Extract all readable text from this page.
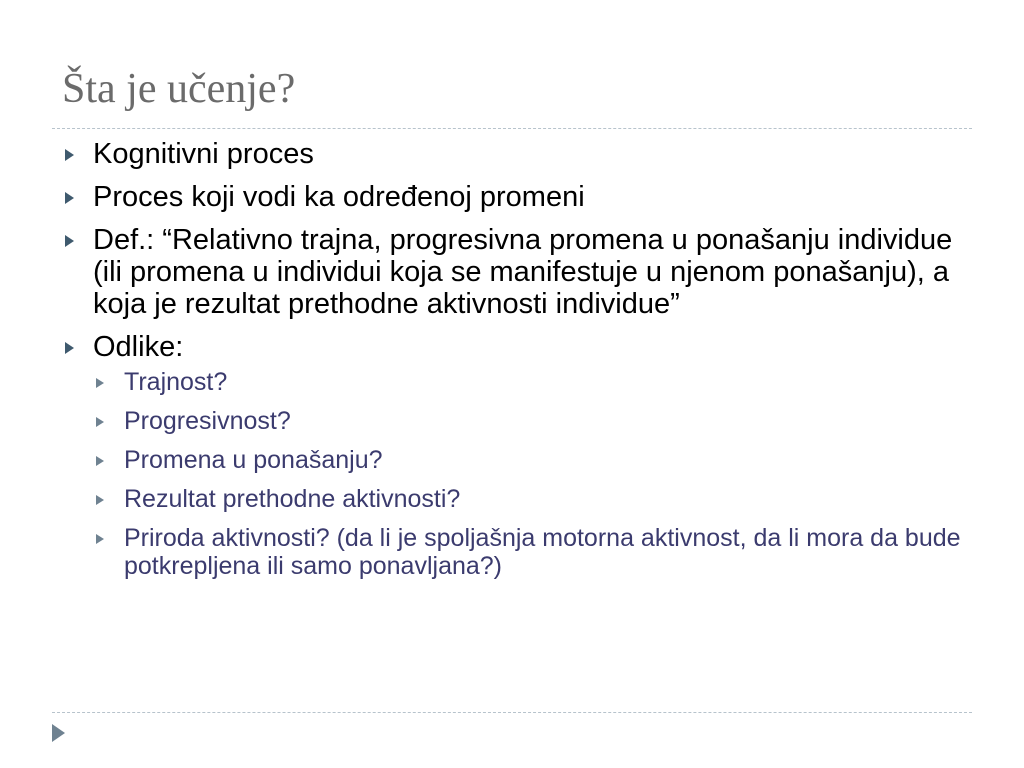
Šta je učenje?
Kognitivni proces
Proces koji vodi ka određenoj promeni
Def.: “Relativno trajna, progresivna promena u ponašanju individue (ili promena u individui koja se manifestuje u njenom ponašanju), a koja je rezultat prethodne aktivnosti individue”
Odlike:
Trajnost?
Progresivnost?
Promena u ponašanju?
Rezultat prethodne aktivnosti?
Priroda aktivnosti? (da li je spoljašnja motorna aktivnost, da li mora da bude potkrepljena ili samo ponavljana?)
